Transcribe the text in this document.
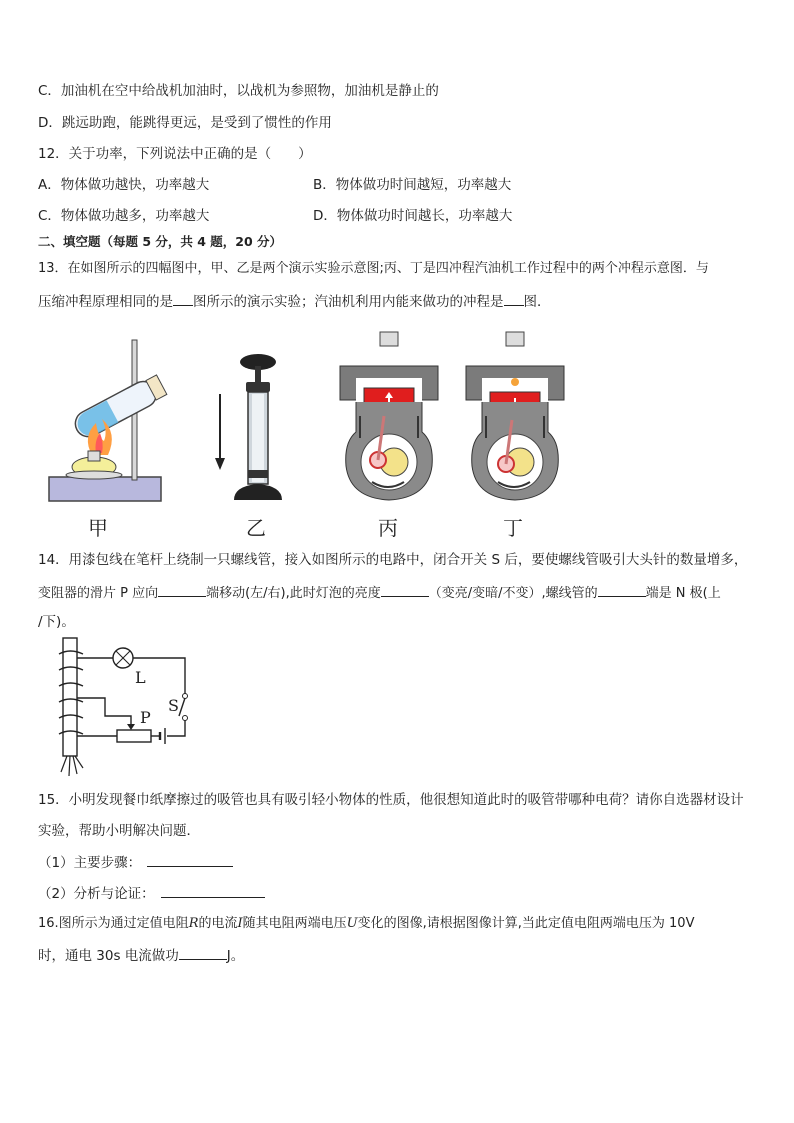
C．加油机在空中给战机加油时，以战机为参照物，加油机是静止的
D．跳远助跑，能跳得更远，是受到了惯性的作用
12．关于功率，下列说法中正确的是（　　）
A．物体做功越快，功率越大	B．物体做功时间越短，功率越大
C．物体做功越多，功率越大	D．物体做功时间越长，功率越大
二、填空题（每题 5 分，共 4 题，20 分）
13．在如图所示的四幅图中，甲、乙是两个演示实验示意图;丙、丁是四冲程汽油机工作过程中的两个冲程示意图．与
压缩冲程原理相同的是 图所示的演示实验；汽油机利用内能来做功的冲程是 图．
甲	乙	丙	丁
14．用漆包线在笔杆上绕制一只螺线管，接入如图所示的电路中，闭合开关 S 后，要使螺线管吸引大头针的数量增多，
变阻器的滑片 P 应向	端移动(左/右),此时灯泡的亮度	（变亮/变暗/不变）,螺线管的	端是 N 极(上
/下)。
L
S
P
15．小明发现餐巾纸摩擦过的吸管也具有吸引轻小物体的性质，他很想知道此时的吸管带哪种电荷？请你自选器材设计
实验，帮助小明解决问题．
（1）主要步骤：
（2）分析与论证：
16.图所示为通过定值电阻R的电流I随其电阻两端电压U变化的图像,请根据图像计算,当此定值电阻两端电压为 10V
时，通电 30s 电流做功	J。
